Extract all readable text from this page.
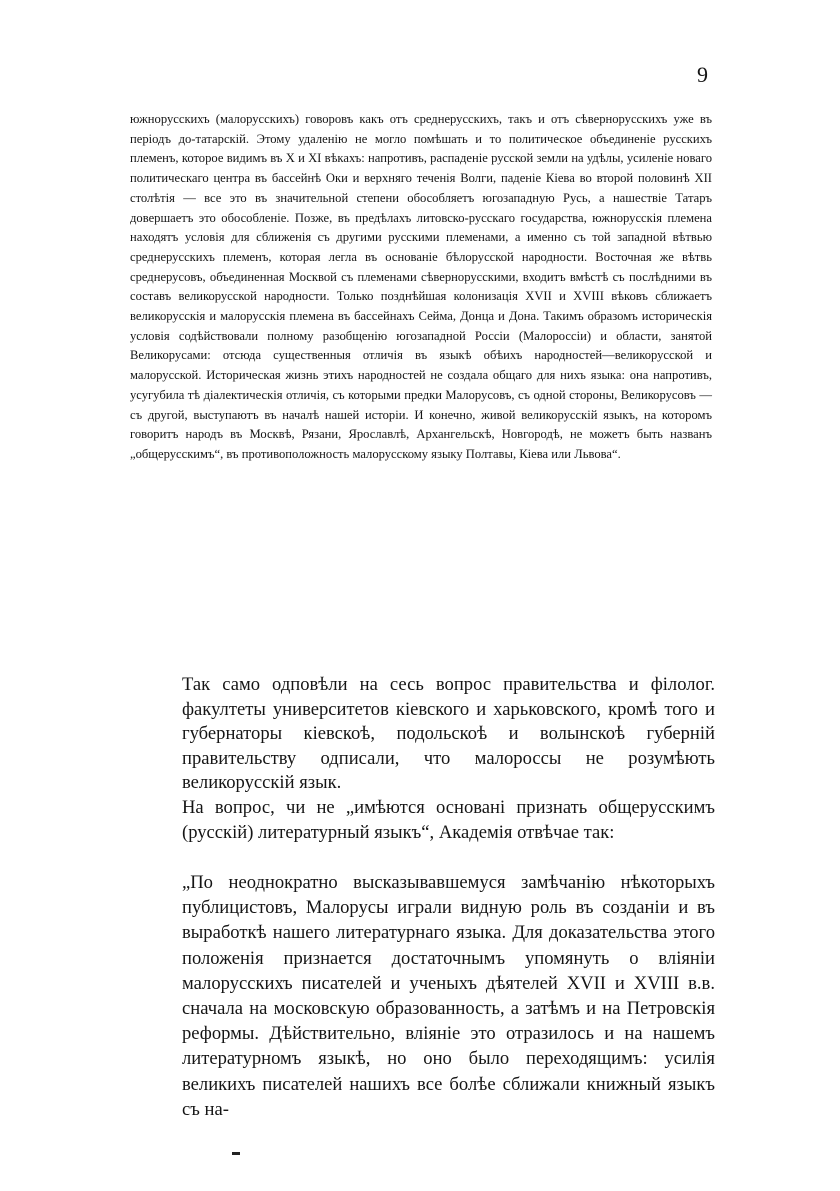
9

южнорусскихъ (малорусскихъ) говоровъ какъ отъ среднерусскихъ, такъ и отъ сѣвернорусскихъ уже въ періодъ до-татарскій. Этому удаленію не могло помѣшать и то политическое объединеніе русскихъ племенъ, которое видимъ въ X и XI вѣкахъ: напротивъ, распаденіе русской земли на удѣлы, усиленіе новаго политическаго центра въ бассейнѣ Оки и верхняго теченія Волги, паденіе Кіева во второй половинѣ XII столѣтія — все это въ значительной степени обособляетъ югозападную Русь, а нашествіе Татаръ довершаетъ это обособленіе. Позже, въ предѣлахъ литовско-русскаго государства, южнорусскія племена находятъ условія для сближенія съ другими русскими племенами, а именно съ той западной вѣтвью среднерусскихъ племенъ, которая легла въ основаніе бѣлорусской народности. Восточная же вѣтвь среднерусовъ, объединенная Москвой съ племенами сѣвернорусскими, входитъ вмѣстѣ съ послѣдними въ составъ великорусской народности. Только позднѣйшая колонизація XVII и XVIII вѣковъ сближаетъ великорусскія и малорусскія племена въ бассейнахъ Сейма, Донца и Дона. Такимъ образомъ историческія условія содѣйствовали полному разобщенію югозападной Россіи (Малороссіи) и области, занятой Великорусами: отсюда существенныя отличія въ языкѣ обѣихъ народностей—великорусской и малорусской. Историческая жизнь этихъ народностей не создала общаго для нихъ языка: она напротивъ, усугубила тѣ діалектическія отличія, съ которыми предки Малорусовъ, съ одной стороны, Великорусовъ — съ другой, выступаютъ въ началѣ нашей исторіи. И конечно, живой великорусскій языкъ, на которомъ говоритъ народъ въ Москвѣ, Рязани, Ярославлѣ, Архангельскѣ, Новгородѣ, не можетъ быть названъ „общерусскимъ“, въ противоположность малорусскому языку Полтавы, Кіева или Львова“.

Так само одповѣли на сесь вопрос правительства и філолог. факултеты университетов кіевского и харьковского, кромѣ того и губернаторы кіевскоѣ, подольскоѣ и волынскоѣ губерній правительству одписали, что малороссы не розумѣють великорусскій язык.

На вопрос, чи не „имѣются основані признать общерусскимъ (русскій) литературный языкъ“, Академія отвѣчае так:

„По неоднократно высказывавшемуся замѣчанію нѣкоторыхъ публицистовъ, Малорусы играли видную роль въ созданіи и въ выработкѣ нашего литературнаго языка. Для доказательства этого положенія признается достаточнымъ упомянуть о вліяніи малорусскихъ писателей и ученыхъ дѣятелей XVII и XVIII в.в. сначала на московскую образованность, а затѣмъ и на Петровскія реформы. Дѣйствительно, вліяніе это отразилось и на нашемъ литературномъ языкѣ, но оно было переходящимъ: усилія великихъ писателей нашихъ все болѣе сближали книжный языкъ съ на-
